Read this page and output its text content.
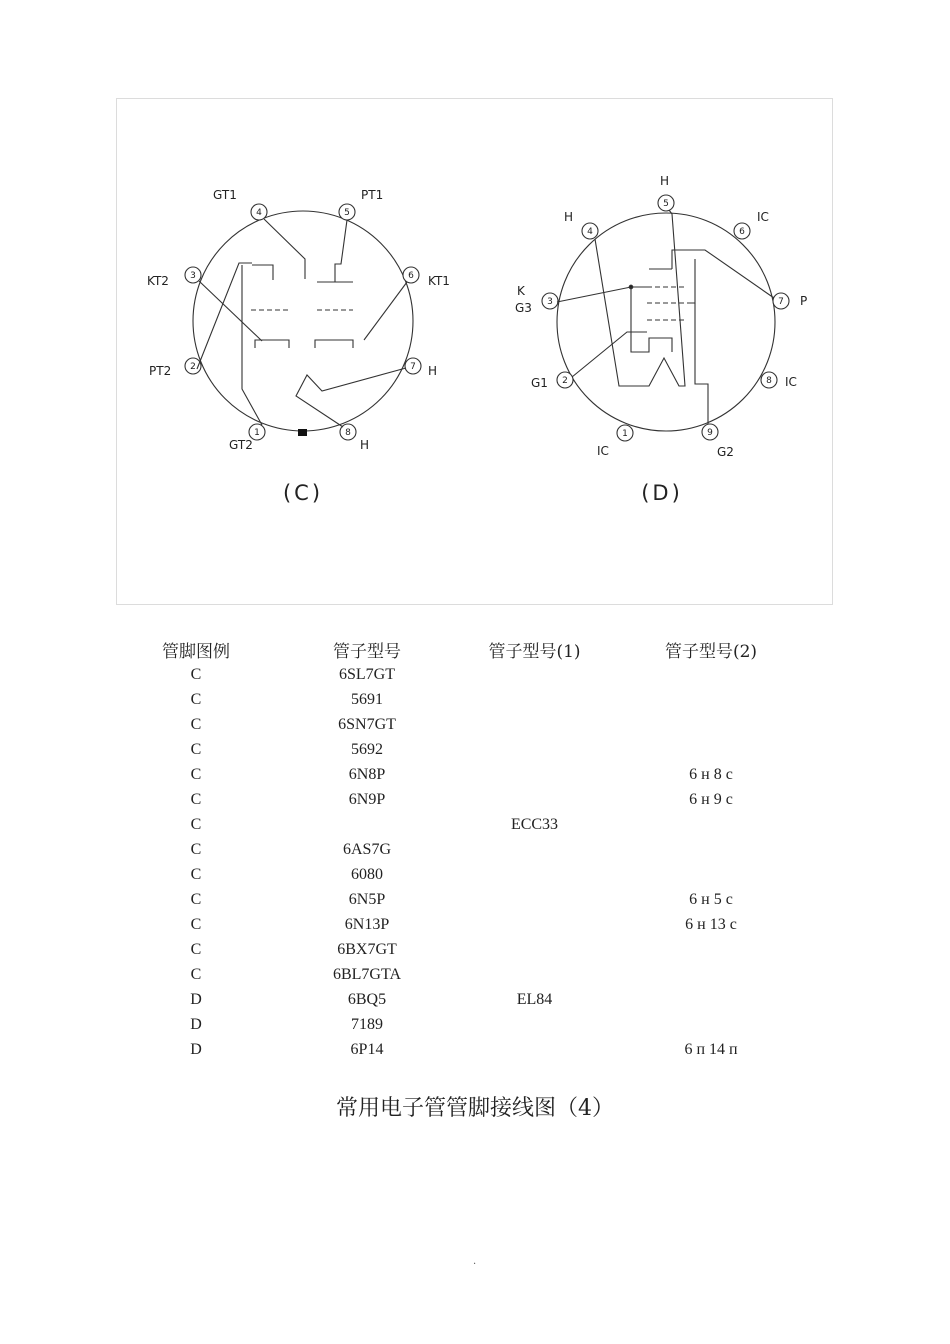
1
2
3
4	5
6
7
8
GT2
PT2
KT2
GT1	PT1
KT1
H
H
(C)
1
2
3
4
5
6
7
8
9
IC
G1
K
G3
H
H
IC
P
IC
G2
(D)
管脚图例	管子型号	管子型号(1)	管子型号(2)
C	6SL7GT		
C	5691		
C	6SN7GT		
C	5692		
C	6N8P		6 н 8 с
C	6N9P		6 н 9 с
C		ECC33	
C	6AS7G		
C	6080		
C	6N5P		6 н 5 с
C	6N13P		6 н 13 с
C	6BX7GT		
C	6BL7GTA		
D	6BQ5	EL84	
D	7189		
D	6P14		6 п 14 п
常用电子管管脚接线图（4）
.
